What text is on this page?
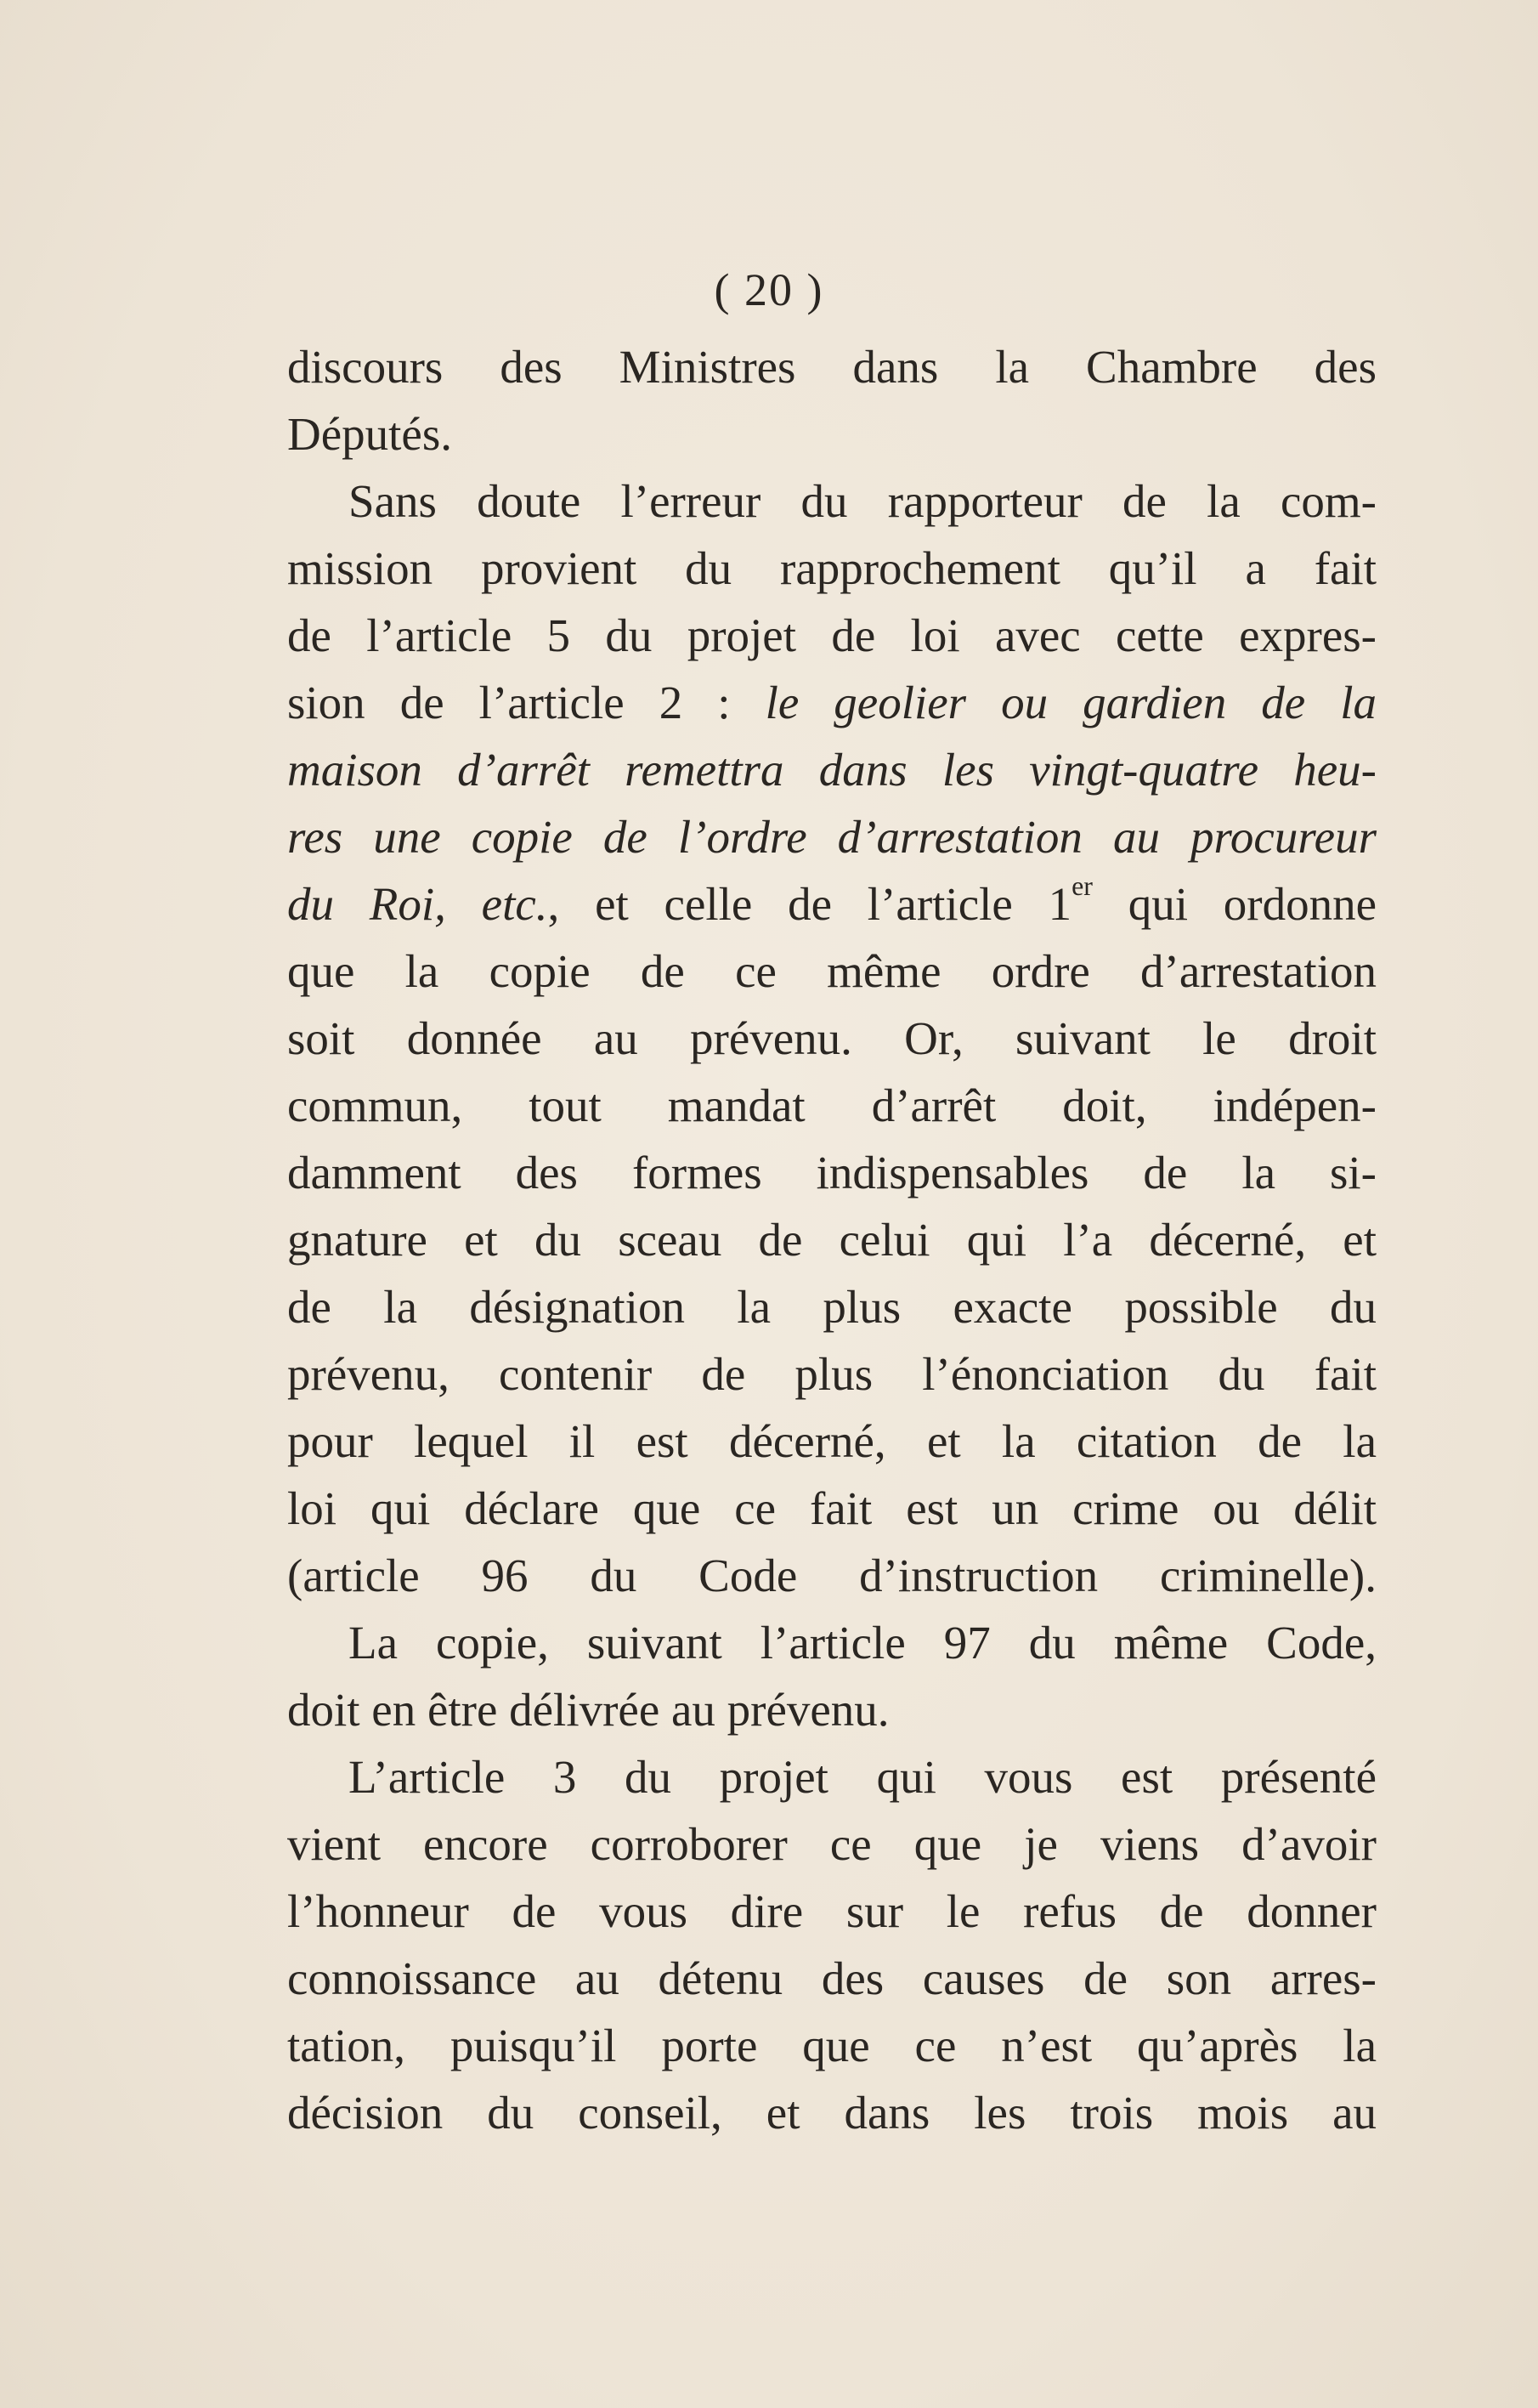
( 20 )
discours des Ministres dans la Chambre des
Députés.
Sans doute l’erreur du rapporteur de la com-
mission provient du rapprochement qu’il a fait
de l’article 5 du projet de loi avec cette expres-
sion de l’article 2 : le geolier ou gardien de la
maison d’arrêt remettra dans les vingt-quatre heu-
res une copie de l’ordre d’arrestation au procureur
du Roi, etc., et celle de l’article 1er qui ordonne
que la copie de ce même ordre d’arrestation
soit donnée au prévenu. Or, suivant le droit
commun, tout mandat d’arrêt doit, indépen-
damment des formes indispensables de la si-
gnature et du sceau de celui qui l’a décerné, et
de la désignation la plus exacte possible du
prévenu, contenir de plus l’énonciation du fait
pour lequel il est décerné, et la citation de la
loi qui déclare que ce fait est un crime ou délit
(article 96 du Code d’instruction criminelle).
La copie, suivant l’article 97 du même Code,
doit en être délivrée au prévenu.
L’article 3 du projet qui vous est présenté
vient encore corroborer ce que je viens d’avoir
l’honneur de vous dire sur le refus de donner
connoissance au détenu des causes de son arres-
tation, puisqu’il porte que ce n’est qu’après la
décision du conseil, et dans les trois mois au
